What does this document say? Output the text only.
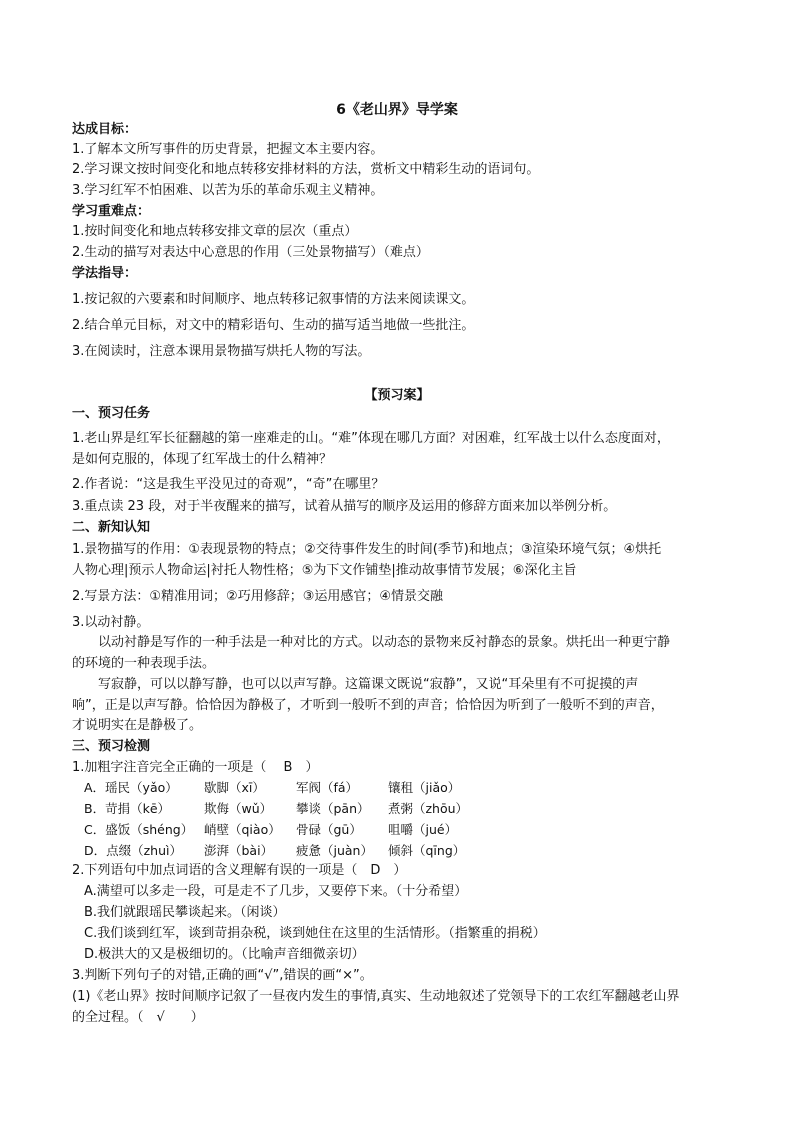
6《老山界》导学案
达成目标：
1.了解本文所写事件的历史背景，把握文本主要内容。
2.学习课文按时间变化和地点转移安排材料的方法，赏析文中精彩生动的语词句。
3.学习红军不怕困难、以苦为乐的革命乐观主义精神。
学习重难点：
1.按时间变化和地点转移安排文章的层次（重点）
2.生动的描写对表达中心意思的作用（三处景物描写）（难点）
学法指导：
1.按记叙的六要素和时间顺序、地点转移记叙事情的方法来阅读课文。
2.结合单元目标，对文中的精彩语句、生动的描写适当地做一些批注。
3.在阅读时，注意本课用景物描写烘托人物的写法。
【预习案】
一、预习任务
1.老山界是红军长征翻越的第一座难走的山。“难”体现在哪几方面？对困难，红军战士以什么态度面对，
是如何克服的，体现了红军战士的什么精神？
2.作者说：“这是我生平没见过的奇观”，“奇”在哪里？
3.重点读 23 段，对于半夜醒来的描写，试着从描写的顺序及运用的修辞方面来加以举例分析。
二、新知认知
1.景物描写的作用：①表现景物的特点；②交待事件发生的时间(季节)和地点；③渲染环境气氛；④烘托
人物心理|预示人物命运|衬托人物性格；⑤为下文作铺垫|推动故事情节发展；⑥深化主旨
2.写景方法：①精准用词；②巧用修辞；③运用感官；④情景交融
3.以动衬静。
以动衬静是写作的一种手法是一种对比的方式。以动态的景物来反衬静态的景象。烘托出一种更宁静
的环境的一种表现手法。
写寂静，可以以静写静，也可以以声写静。这篇课文既说“寂静”，又说“耳朵里有不可捉摸的声
响”，正是以声写静。恰恰因为静极了，才听到一般听不到的声音；恰恰因为听到了一般听不到的声音，
才说明实在是静极了。
三、预习检测
1.加粗字注音完全正确的一项是（　 B　）
A．瑶民（yǎo） 歇脚（xī） 军阀（fá） 镶租（jiǎo）
B．苛捐（kē）	欺侮（wǔ） 攀谈（pān） 煮粥（zhōu）
C．盛饭（shéng） 峭壁（qiào） 骨碌（gū） 咀嚼（jué）
D．点缀（zhuì） 澎湃（bài） 疲惫（juàn） 倾斜（qīng）
2.下列语句中加点词语的含义理解有误的一项是（　D　）
A.满望可以多走一段，可是走不了几步，又要停下来。（十分希望）
B.我们就跟瑶民攀谈起来。（闲谈）
C.我们谈到红军，谈到苛捐杂税，谈到她住在这里的生活情形。（指繁重的捐税）
D.极洪大的又是极细切的。（比喻声音细微亲切）
3.判断下列句子的对错,正确的画“√”,错误的画“×”。
(1)《老山界》按时间顺序记叙了一昼夜内发生的事情,真实、生动地叙述了党领导下的工农红军翻越老山界
的全过程。（　√　　）
